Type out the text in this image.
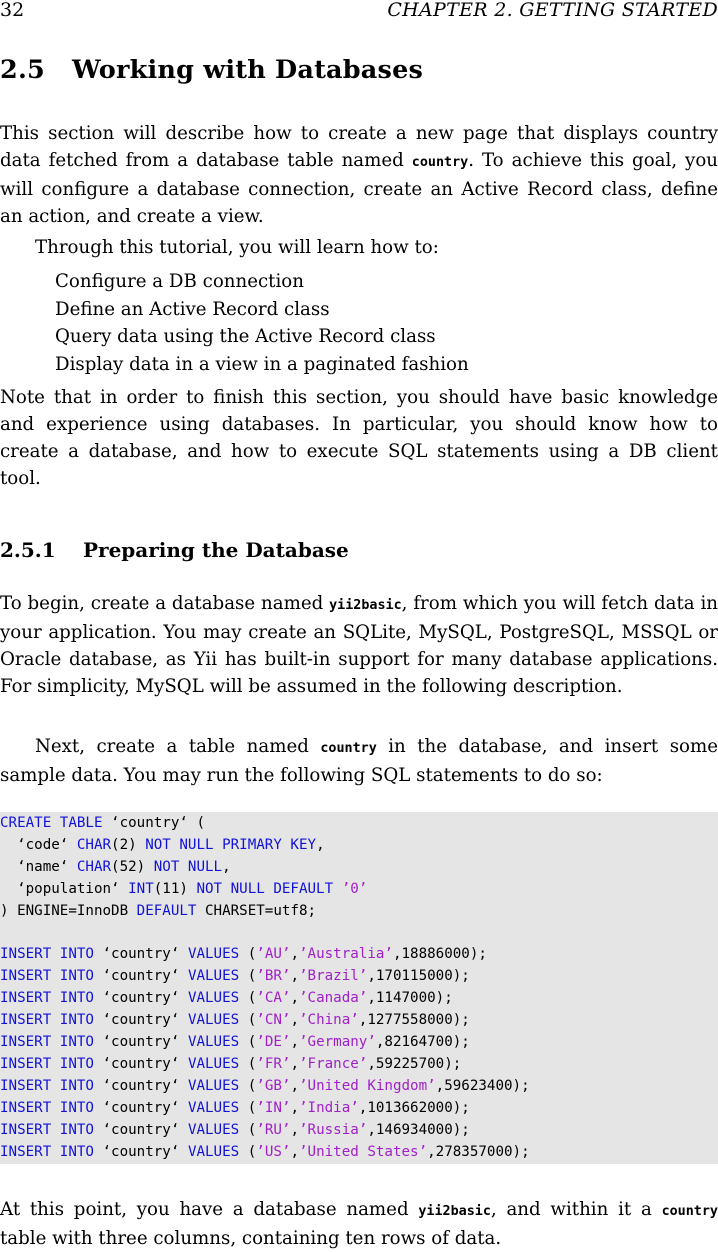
32	CHAPTER 2. GETTING STARTED
2.5 Working with Databases

This section will describe how to create a new page that displays country data fetched from a database table named country. To achieve this goal, you will configure a database connection, create an Active Record class, define an action, and create a view.

Through this tutorial, you will learn how to:

Configure a DB connection
Define an Active Record class
Query data using the Active Record class
Display data in a view in a paginated fashion

Note that in order to finish this section, you should have basic knowledge and experience using databases. In particular, you should know how to create a database, and how to execute SQL statements using a DB client tool.

2.5.1 Preparing the Database

To begin, create a database named yii2basic, from which you will fetch data in your application. You may create an SQLite, MySQL, PostgreSQL, MSSQL or Oracle database, as Yii has built-in support for many database applications. For simplicity, MySQL will be assumed in the following description.

Next, create a table named country in the database, and insert some sample data. You may run the following SQL statements to do so:

CREATE TABLE ‘country‘ (
‘code‘ CHAR(2) NOT NULL PRIMARY KEY,
‘name‘ CHAR(52) NOT NULL,
‘population‘ INT(11) NOT NULL DEFAULT ’0’
) ENGINE=InnoDB DEFAULT CHARSET=utf8;
INSERT INTO ‘country‘ VALUES (’AU’,’Australia’,18886000);
INSERT INTO ‘country‘ VALUES (’BR’,’Brazil’,170115000);
INSERT INTO ‘country‘ VALUES (’CA’,’Canada’,1147000);
INSERT INTO ‘country‘ VALUES (’CN’,’China’,1277558000);
INSERT INTO ‘country‘ VALUES (’DE’,’Germany’,82164700);
INSERT INTO ‘country‘ VALUES (’FR’,’France’,59225700);
INSERT INTO ‘country‘ VALUES (’GB’,’United Kingdom’,59623400);
INSERT INTO ‘country‘ VALUES (’IN’,’India’,1013662000);
INSERT INTO ‘country‘ VALUES (’RU’,’Russia’,146934000);
INSERT INTO ‘country‘ VALUES (’US’,’United States’,278357000);

At this point, you have a database named yii2basic, and within it a country table with three columns, containing ten rows of data.
